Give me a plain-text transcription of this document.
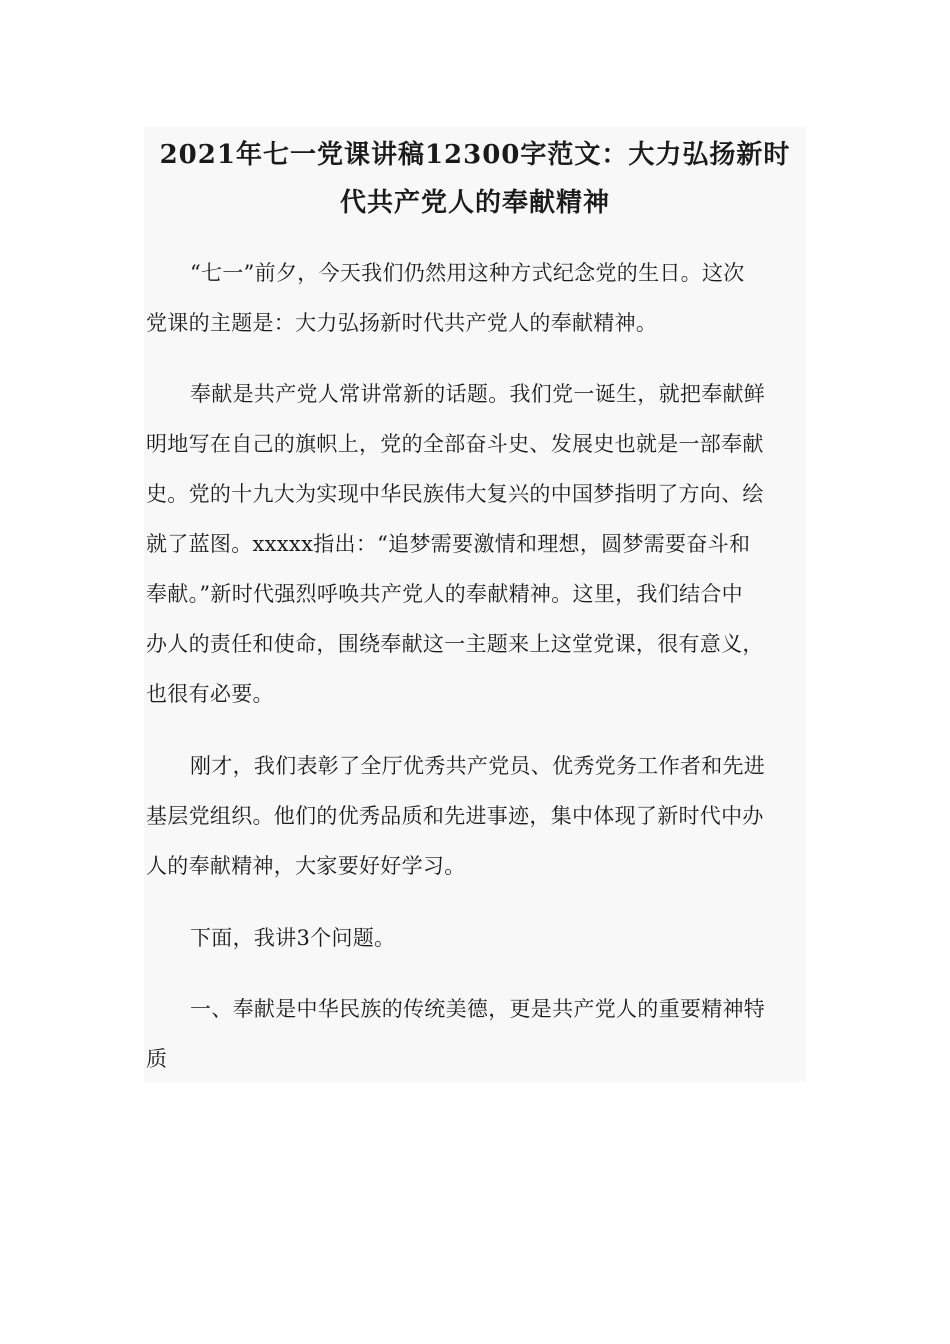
2021年七一党课讲稿12300字范文：大力弘扬新时
代共产党人的奉献精神
“七一”前夕，今天我们仍然用这种方式纪念党的生日。这次
党课的主题是：大力弘扬新时代共产党人的奉献精神。
奉献是共产党人常讲常新的话题。我们党一诞生，就把奉献鲜
明地写在自己的旗帜上，党的全部奋斗史、发展史也就是一部奉献
史。党的十九大为实现中华民族伟大复兴的中国梦指明了方向、绘
就了蓝图。xxxxx指出：“追梦需要激情和理想，圆梦需要奋斗和
奉献。”新时代强烈呼唤共产党人的奉献精神。这里，我们结合中
办人的责任和使命，围绕奉献这一主题来上这堂党课，很有意义，
也很有必要。
刚才，我们表彰了全厅优秀共产党员、优秀党务工作者和先进
基层党组织。他们的优秀品质和先进事迹，集中体现了新时代中办
人的奉献精神，大家要好好学习。
下面，我讲3个问题。
一、奉献是中华民族的传统美德，更是共产党人的重要精神特
质
